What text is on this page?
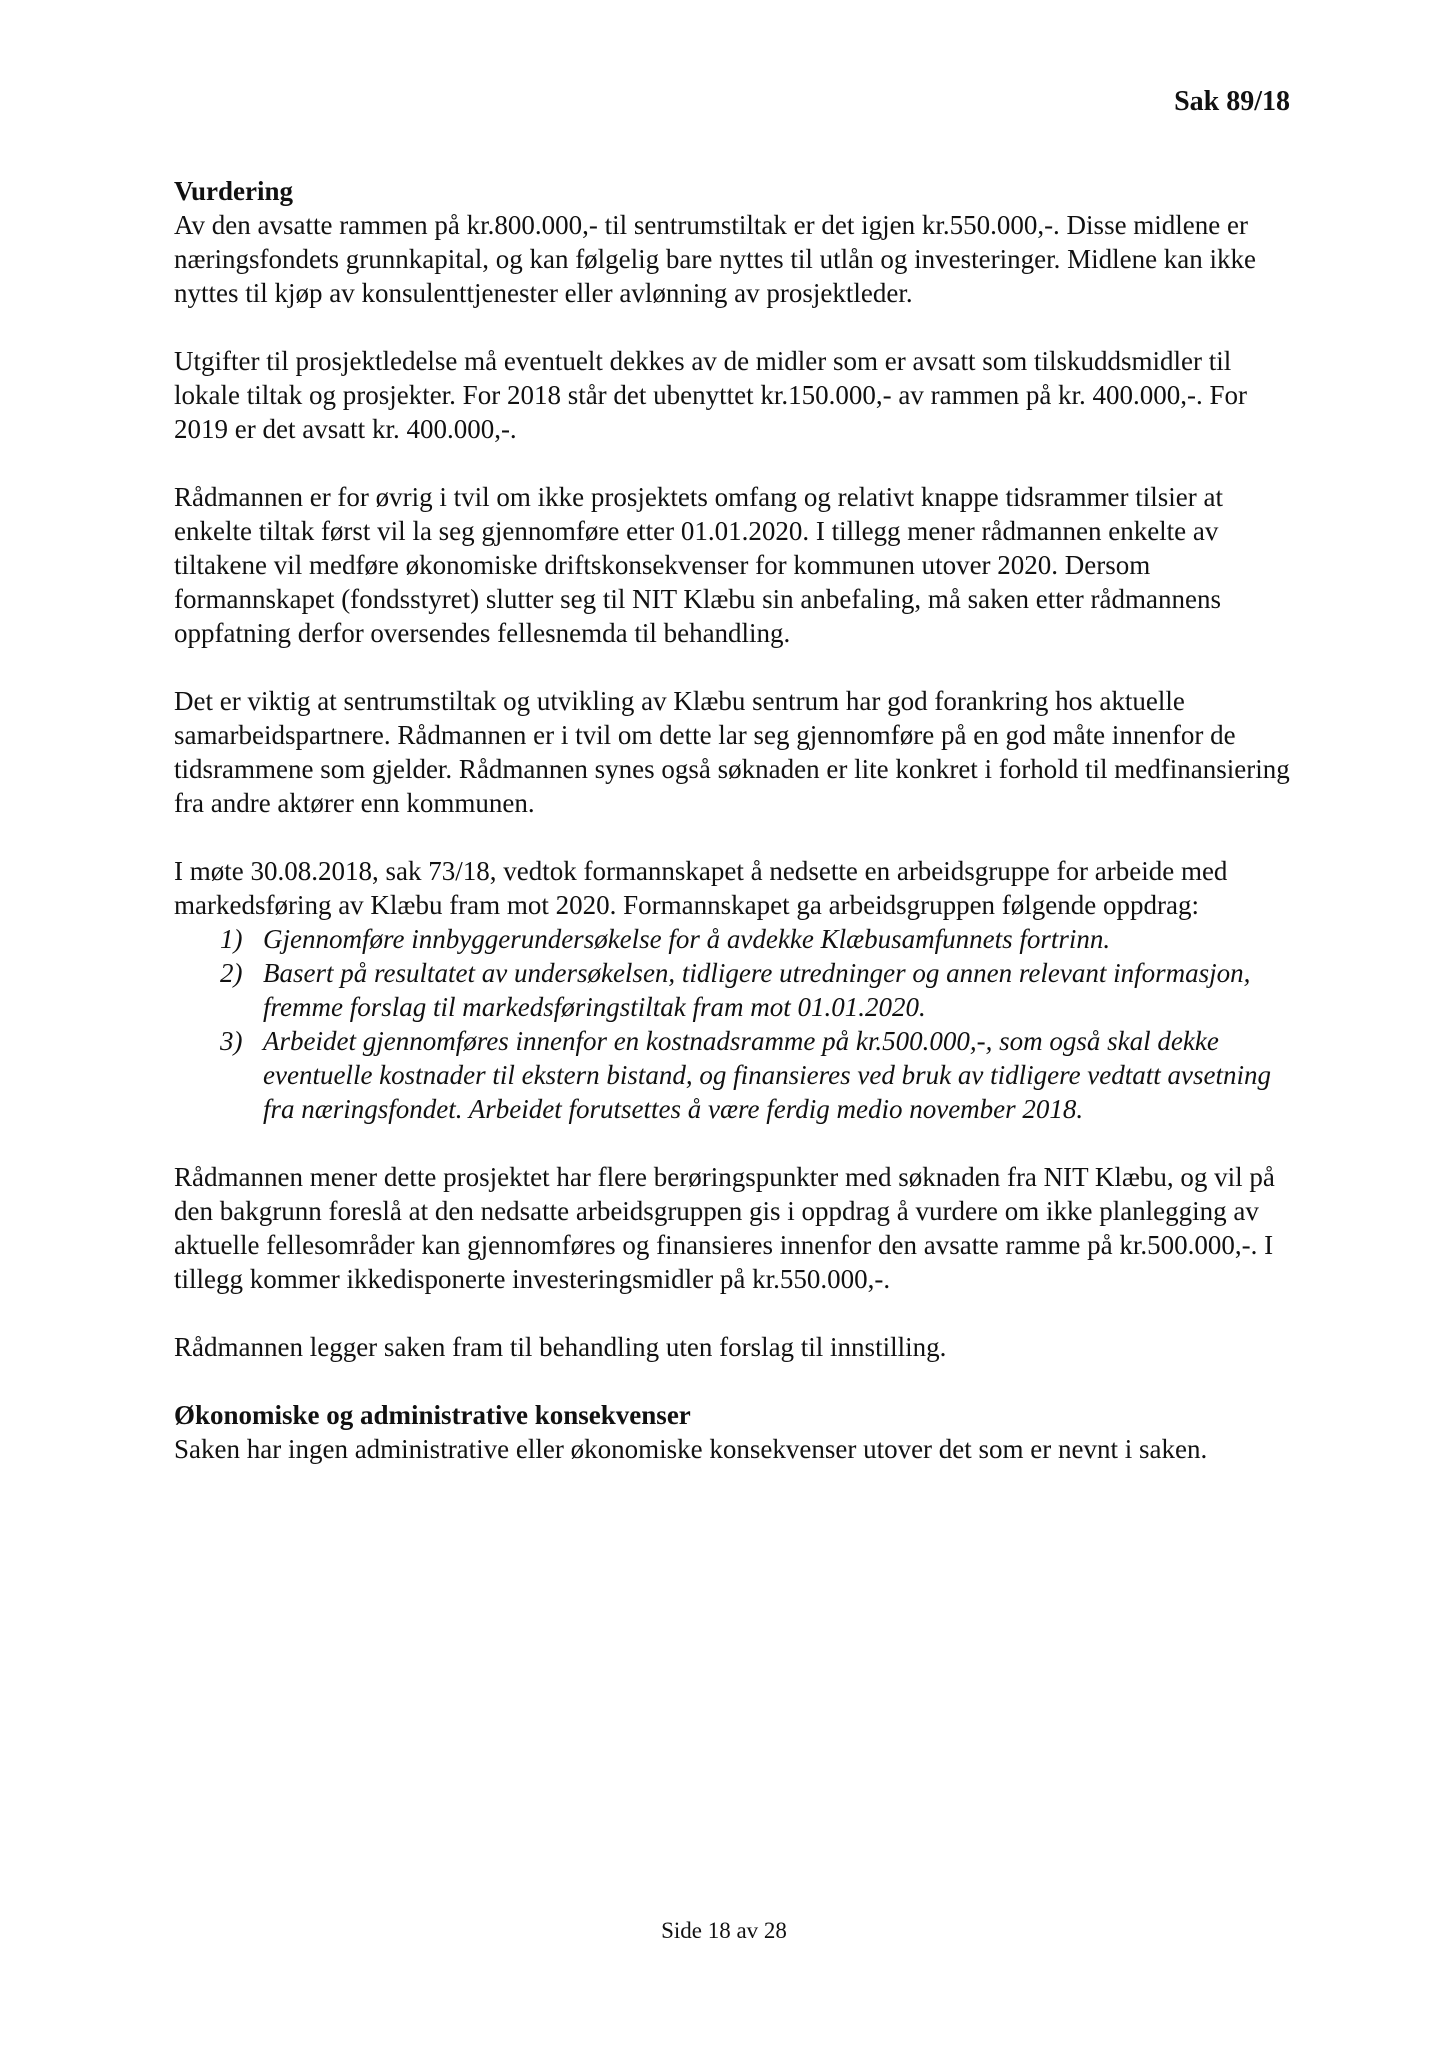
Sak 89/18
Vurdering

Av den avsatte rammen på kr.800.000,- til sentrumstiltak er det igjen kr.550.000,-. Disse midlene er næringsfondets grunnkapital, og kan følgelig bare nyttes til utlån og investeringer. Midlene kan ikke nyttes til kjøp av konsulenttjenester eller avlønning av prosjektleder.

Utgifter til prosjektledelse må eventuelt dekkes av de midler som er avsatt som tilskuddsmidler til lokale tiltak og prosjekter. For 2018 står det ubenyttet kr.150.000,- av rammen på kr. 400.000,-. For 2019 er det avsatt kr. 400.000,-.

Rådmannen er for øvrig i tvil om ikke prosjektets omfang og relativt knappe tidsrammer tilsier at enkelte tiltak først vil la seg gjennomføre etter 01.01.2020. I tillegg mener rådmannen enkelte av tiltakene vil medføre økonomiske driftskonsekvenser for kommunen utover 2020. Dersom formannskapet (fondsstyret) slutter seg til NIT Klæbu sin anbefaling, må saken etter rådmannens oppfatning derfor oversendes fellesnemda til behandling.

Det er viktig at sentrumstiltak og utvikling av Klæbu sentrum har god forankring hos aktuelle samarbeidspartnere. Rådmannen er i tvil om dette lar seg gjennomføre på en god måte innenfor de tidsrammene som gjelder. Rådmannen synes også søknaden er lite konkret i forhold til medfinansiering fra andre aktører enn kommunen.

I møte 30.08.2018, sak 73/18, vedtok formannskapet å nedsette en arbeidsgruppe for arbeide med markedsføring av Klæbu fram mot 2020. Formannskapet ga arbeidsgruppen følgende oppdrag:

1) Gjennomføre innbyggerundersøkelse for å avdekke Klæbusamfunnets fortrinn.
2) Basert på resultatet av undersøkelsen, tidligere utredninger og annen relevant informasjon, fremme forslag til markedsføringstiltak fram mot 01.01.2020.
3) Arbeidet gjennomføres innenfor en kostnadsramme på kr.500.000,-, som også skal dekke eventuelle kostnader til ekstern bistand, og finansieres ved bruk av tidligere vedtatt avsetning fra næringsfondet. Arbeidet forutsettes å være ferdig medio november 2018.

Rådmannen mener dette prosjektet har flere berøringspunkter med søknaden fra NIT Klæbu, og vil på den bakgrunn foreslå at den nedsatte arbeidsgruppen gis i oppdrag å vurdere om ikke planlegging av aktuelle fellesområder kan gjennomføres og finansieres innenfor den avsatte ramme på kr.500.000,-. I tillegg kommer ikkedisponerte investeringsmidler på kr.550.000,-.

Rådmannen legger saken fram til behandling uten forslag til innstilling.

Økonomiske og administrative konsekvenser

Saken har ingen administrative eller økonomiske konsekvenser utover det som er nevnt i saken.

Side 18 av 28
